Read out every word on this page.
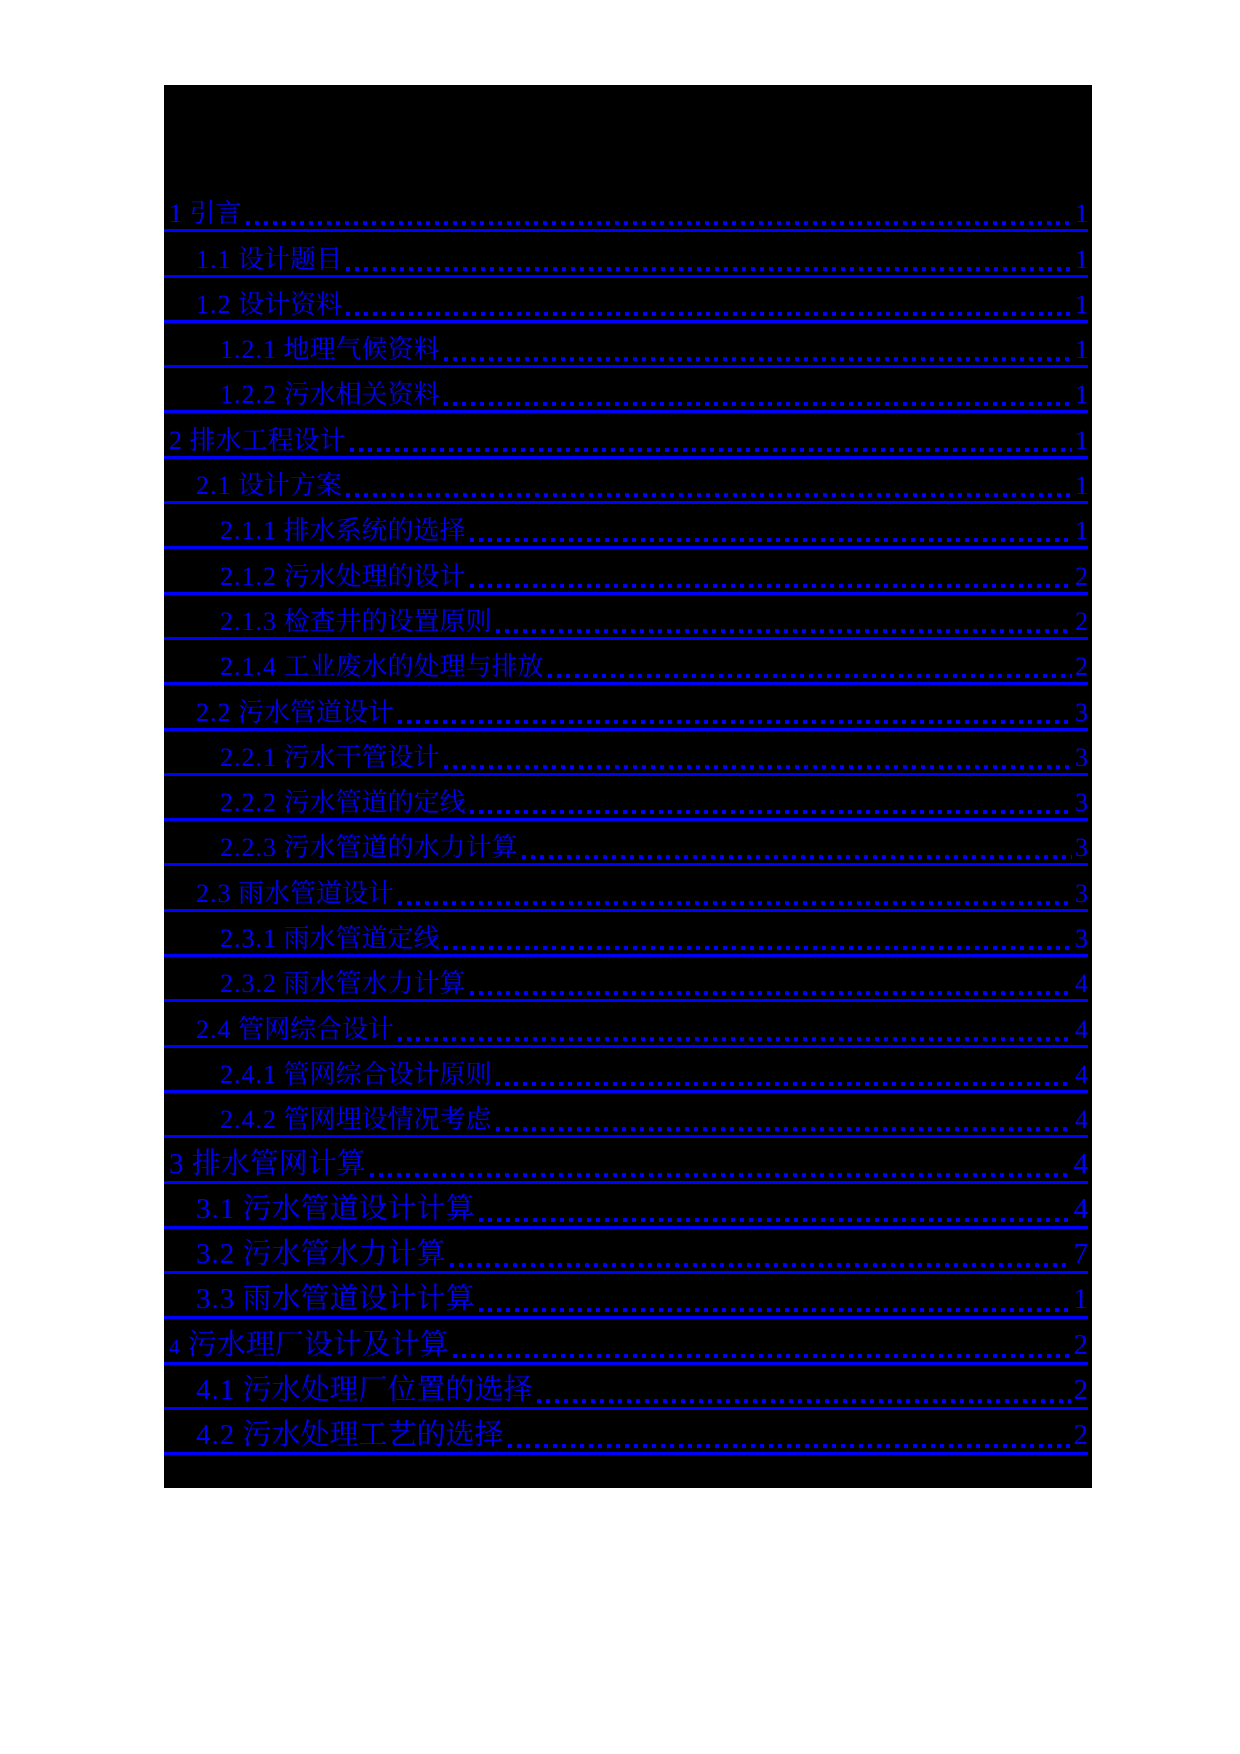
1 引言	1
1.1 设计题目	1
1.2 设计资料	1
1.2.1 地理气候资料	1
1.2.2 污水相关资料	1
2 排水工程设计	1
2.1 设计方案	1
2.1.1 排水系统的选择	1
2.1.2 污水处理的设计	2
2.1.3 检查井的设置原则	2
2.1.4 工业废水的处理与排放	2
2.2 污水管道设计	3
2.2.1 污水干管设计	3
2.2.2 污水管道的定线	3
2.2.3 污水管道的水力计算	3
2.3 雨水管道设计	3
2.3.1 雨水管道定线	3
2.3.2 雨水管水力计算	4
2.4 管网综合设计	4
2.4.1 管网综合设计原则	4
2.4.2 管网埋设情况考虑	4
3 排水管网计算	4
3.1 污水管道设计计算	4
3.2 污水管水力计算	7
3.3 雨水管道设计计算	1
4 污水理厂设计及计算	2
4.1 污水处理厂位置的选择	2
4.2 污水处理工艺的选择	2
